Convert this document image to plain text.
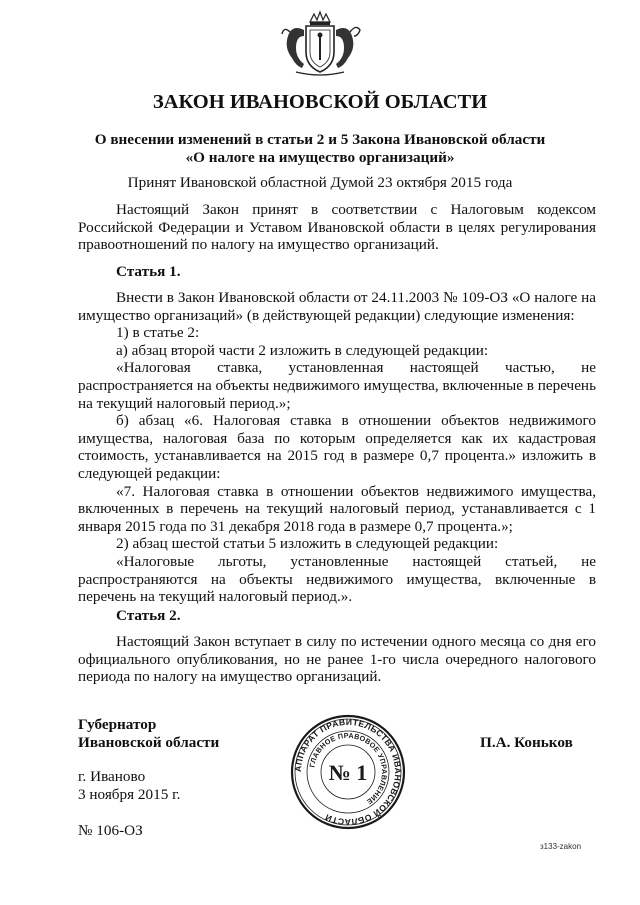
ЗАКОН ИВАНОВСКОЙ ОБЛАСТИ

О внесении изменений в статьи 2 и 5 Закона Ивановской области
«О налоге на имущество организаций»

Принят Ивановской областной Думой 23 октября 2015 года

Настоящий Закон принят в соответствии с Налоговым кодексом Российской Федерации и Уставом Ивановской области в целях регулирования правоотношений по налогу на имущество организаций.

Статья 1.

Внести в Закон Ивановской области от 24.11.2003 № 109-ОЗ «О налоге на имущество организаций» (в действующей редакции) следующие изменения:

1) в статье 2:

а) абзац второй части 2 изложить в следующей редакции:

«Налоговая ставка, установленная настоящей частью, не распространяется на объекты недвижимого имущества, включенные в перечень на текущий налоговый период.»;

б) абзац «6. Налоговая ставка в отношении объектов недвижимого имущества, налоговая база по которым определяется как их кадастровая стоимость, устанавливается на 2015 год в размере 0,7 процента.» изложить в следующей редакции:

«7. Налоговая ставка в отношении объектов недвижимого имущества, включенных в перечень на текущий налоговый период, устанавливается с 1 января 2015 года по 31 декабря 2018 года в размере 0,7 процента.»;

2) абзац шестой статьи 5 изложить в следующей редакции:

«Налоговые льготы, установленные настоящей статьей, не распространяются на объекты недвижимого имущества, включенные в перечень на текущий налоговый период.».

Статья 2.

Настоящий Закон вступает в силу по истечении одного месяца со дня его официального опубликования, но не ранее 1-го числа очередного налогового периода по налогу на имущество организаций.

Губернатор
Ивановской области	П.А. Коньков

г. Иваново
3 ноября 2015 г.

№ 106-ОЗ

з133-zakon

АППАРАТ ПРАВИТЕЛЬСТВА ИВАНОВСКОЙ ОБЛАСТИ
ГЛАВНОЕ ПРАВОВОЕ УПРАВЛЕНИЕ
№ 1
